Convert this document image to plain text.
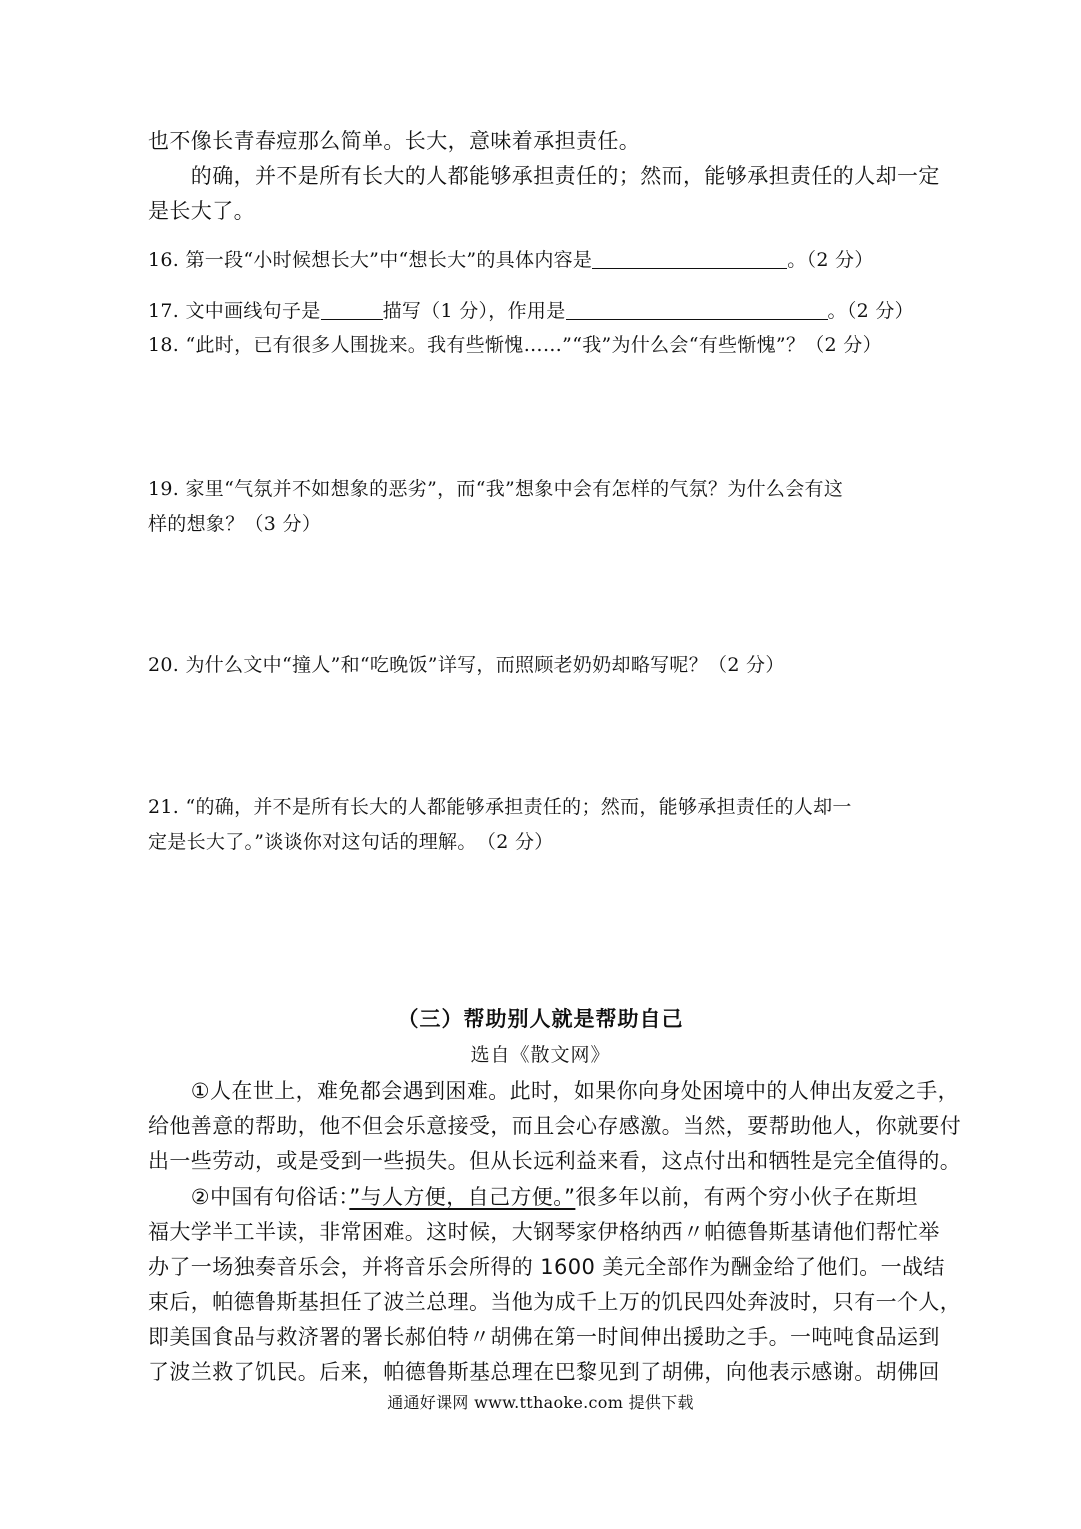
也不像长青春痘那么简单。长大，意味着承担责任。
　　的确，并不是所有长大的人都能够承担责任的；然而，能够承担责任的人却一定
是长大了。
16. 第一段“小时候想长大”中“想长大”的具体内容是	。（2 分）
17. 文中画线句子是	描写（1 分），作用是	。（2 分）
18. “此时，已有很多人围拢来。我有些惭愧……”“我”为什么会“有些惭愧”？（2 分）
19. 家里“气氛并不如想象的恶劣”，而“我”想象中会有怎样的气氛？为什么会有这
样的想象？（3 分）
20. 为什么文中“撞人”和“吃晚饭”详写，而照顾老奶奶却略写呢？（2 分）
21. “的确，并不是所有长大的人都能够承担责任的；然而，能够承担责任的人却一
定是长大了。”谈谈你对这句话的理解。　（2 分）
（三）帮助别人就是帮助自己
选自《散文网》
　　①人在世上，难免都会遇到困难。此时，如果你向身处困境中的人伸出友爱之手，
给他善意的帮助，他不但会乐意接受，而且会心存感激。当然，要帮助他人，你就要付
出一些劳动，或是受到一些损失。但从长远利益来看，这点付出和牺牲是完全值得的。
　　②中国有句俗话：”与人方便，自己方便。”很多年以前，有两个穷小伙子在斯坦
福大学半工半读，非常困难。这时候，大钢琴家伊格纳西〃帕德鲁斯基请他们帮忙举
办了一场独奏音乐会，并将音乐会所得的 1600 美元全部作为酬金给了他们。一战结
束后，帕德鲁斯基担任了波兰总理。当他为成千上万的饥民四处奔波时，只有一个人，
即美国食品与救济署的署长郝伯特〃胡佛在第一时间伸出援助之手。一吨吨食品运到
了波兰救了饥民。后来，帕德鲁斯基总理在巴黎见到了胡佛，向他表示感谢。胡佛回
通通好课网 www.tthaoke.com 提供下载
